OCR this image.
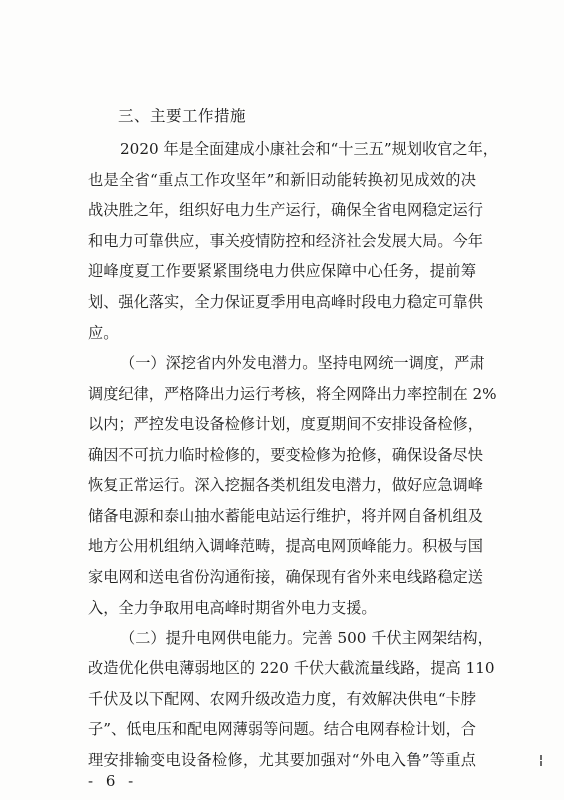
三、主要工作措施
2020 年是全面建成小康社会和“十三五”规划收官之年，
也是全省“重点工作攻坚年”和新旧动能转换初见成效的决
战决胜之年，组织好电力生产运行，确保全省电网稳定运行
和电力可靠供应，事关疫情防控和经济社会发展大局。今年
迎峰度夏工作要紧紧围绕电力供应保障中心任务，提前筹
划、强化落实，全力保证夏季用电高峰时段电力稳定可靠供
应。
（一）深挖省内外发电潜力。坚持电网统一调度，严肃
调度纪律，严格降出力运行考核，将全网降出力率控制在 2%
以内；严控发电设备检修计划，度夏期间不安排设备检修，
确因不可抗力临时检修的，要变检修为抢修，确保设备尽快
恢复正常运行。深入挖掘各类机组发电潜力，做好应急调峰
储备电源和泰山抽水蓄能电站运行维护，将并网自备机组及
地方公用机组纳入调峰范畴，提高电网顶峰能力。积极与国
家电网和送电省份沟通衔接，确保现有省外来电线路稳定送
入，全力争取用电高峰时期省外电力支援。
（二）提升电网供电能力。完善 500 千伏主网架结构，
改造优化供电薄弱地区的 220 千伏大截流量线路，提高 110
千伏及以下配网、农网升级改造力度，有效解决供电“卡脖
子”、低电压和配电网薄弱等问题。结合电网春检计划，合
理安排输变电设备检修，尤其要加强对“外电入鲁”等重点
- 6 -
